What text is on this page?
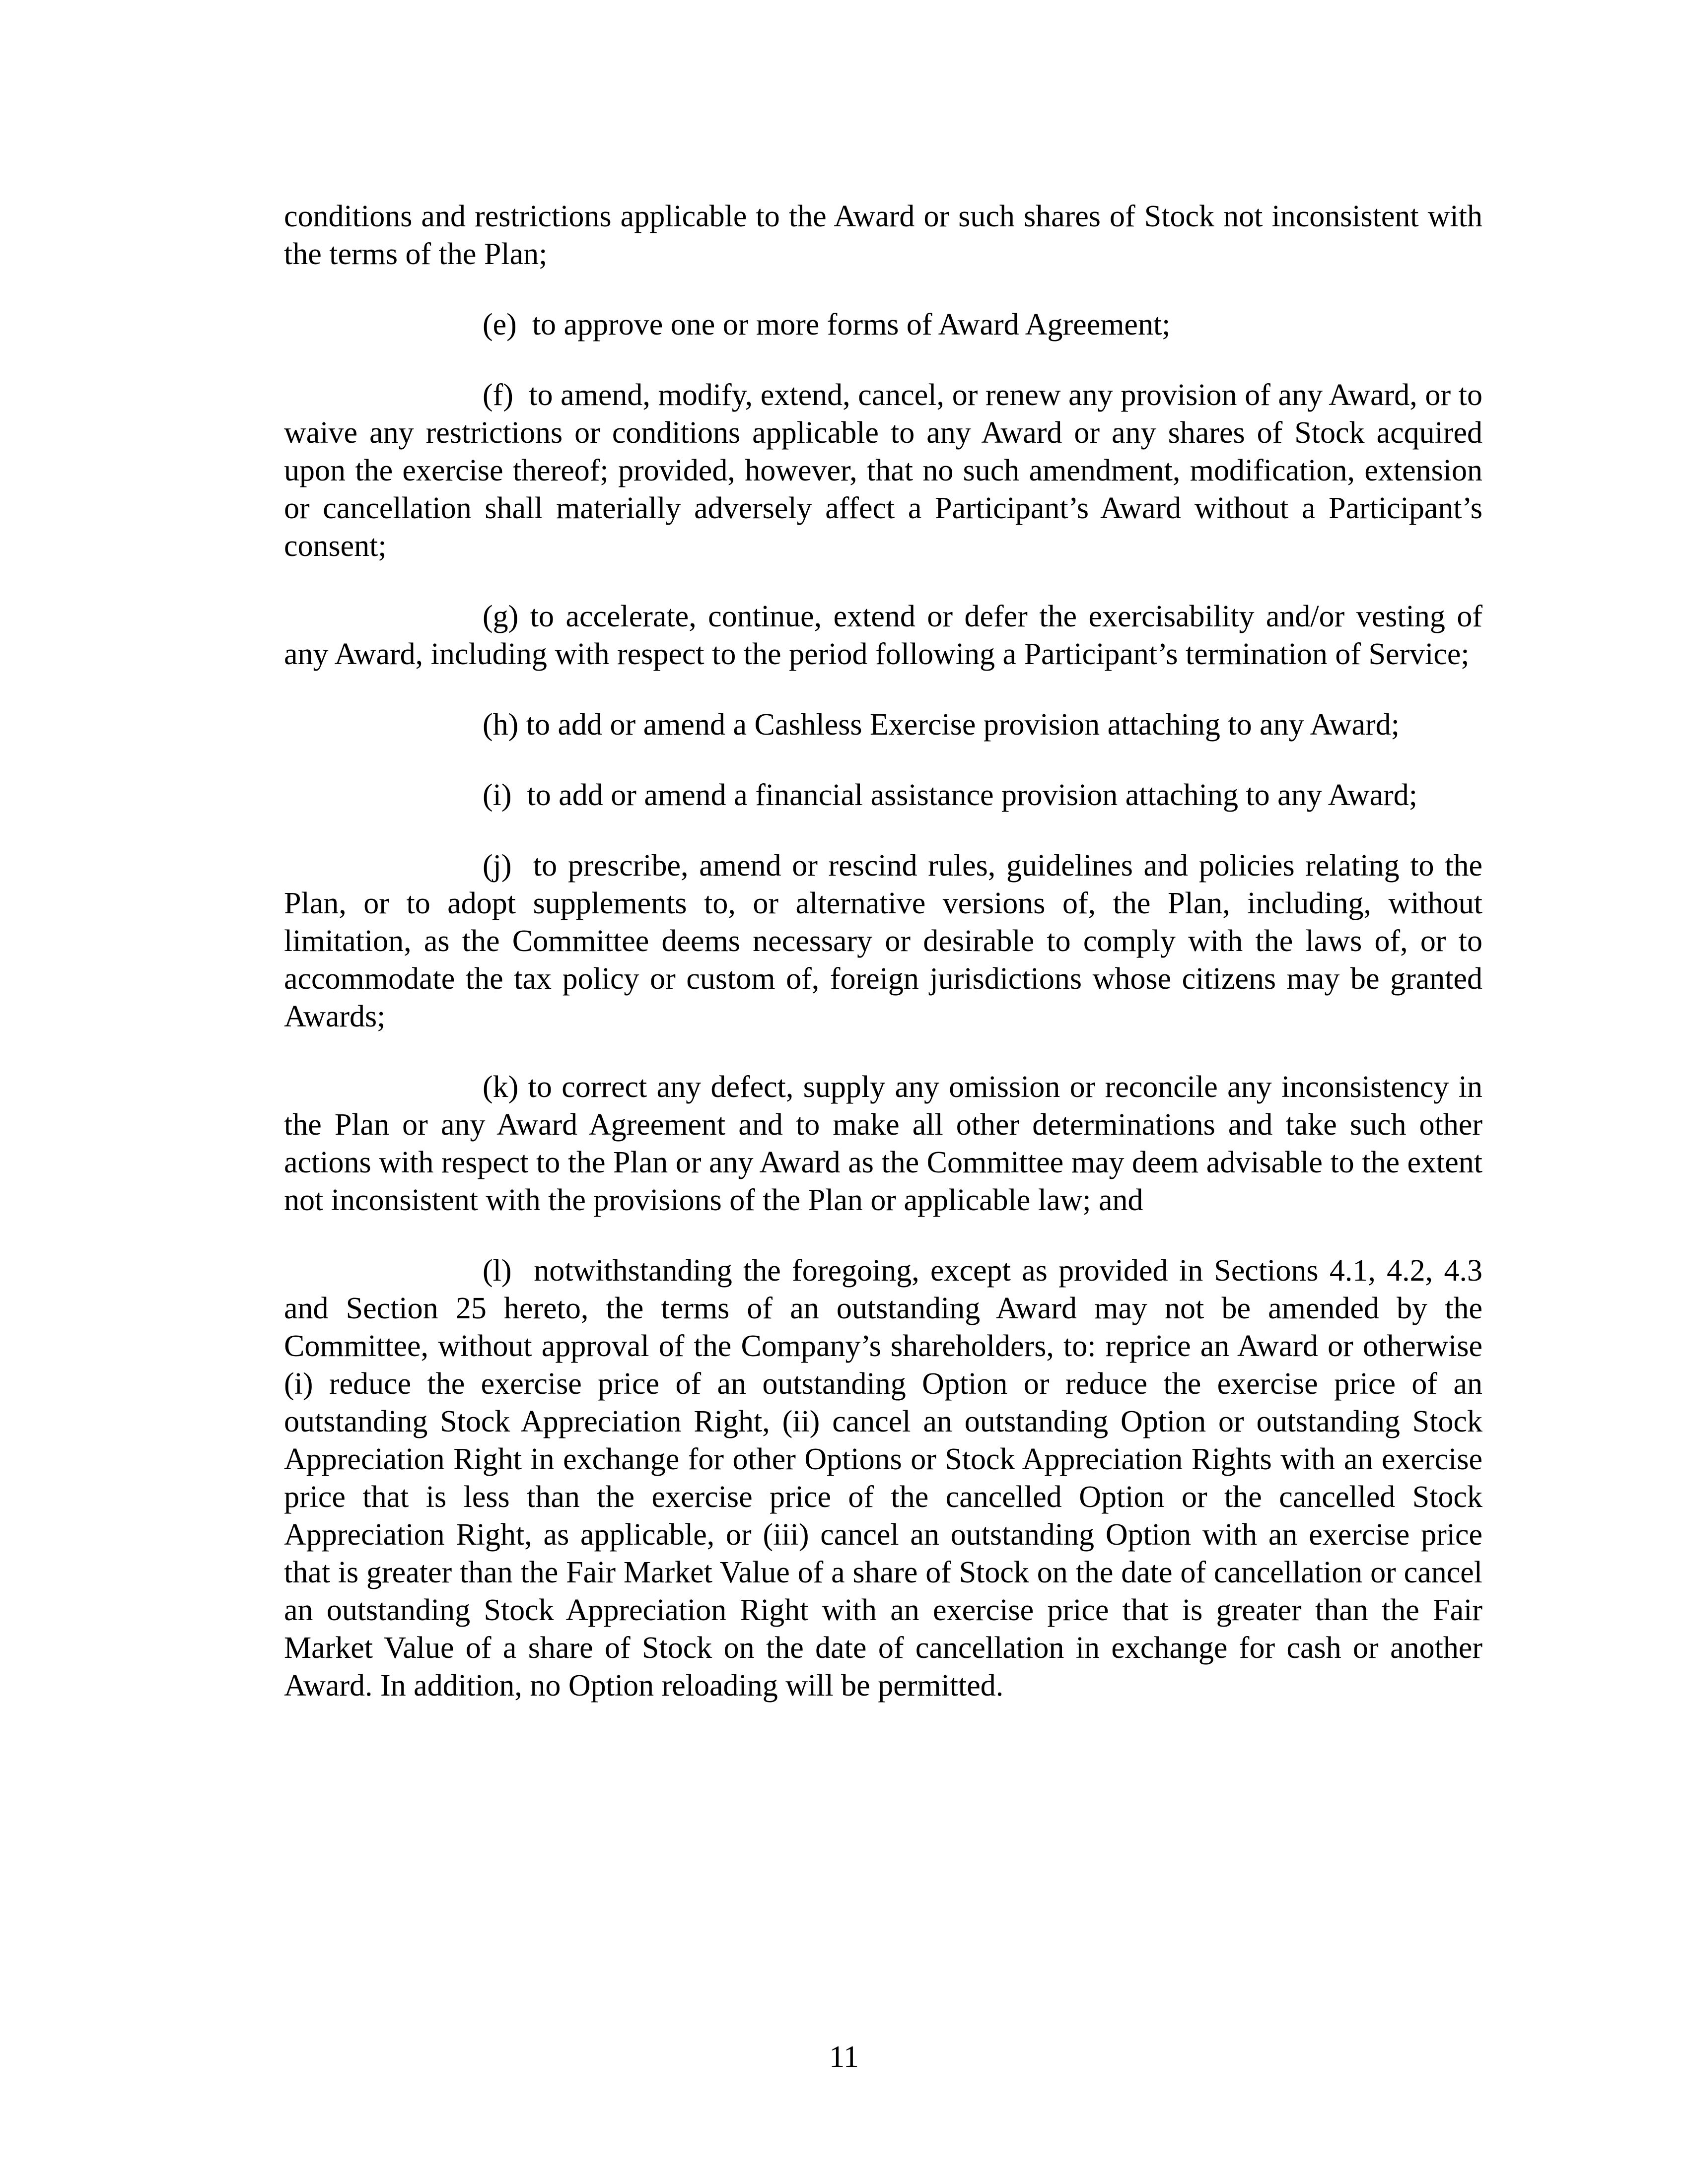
conditions and restrictions applicable to the Award or such shares of Stock not inconsistent with the terms of the Plan;

(e) to approve one or more forms of Award Agreement;

(f) to amend, modify, extend, cancel, or renew any provision of any Award, or to waive any restrictions or conditions applicable to any Award or any shares of Stock acquired upon the exercise thereof; provided, however, that no such amendment, modification, extension or cancellation shall materially adversely affect a Participant’s Award without a Participant’s consent;

(g) to accelerate, continue, extend or defer the exercisability and/or vesting of any Award, including with respect to the period following a Participant’s termination of Service;

(h) to add or amend a Cashless Exercise provision attaching to any Award;

(i) to add or amend a financial assistance provision attaching to any Award;

(j) to prescribe, amend or rescind rules, guidelines and policies relating to the Plan, or to adopt supplements to, or alternative versions of, the Plan, including, without limitation, as the Committee deems necessary or desirable to comply with the laws of, or to accommodate the tax policy or custom of, foreign jurisdictions whose citizens may be granted Awards;

(k) to correct any defect, supply any omission or reconcile any inconsistency in the Plan or any Award Agreement and to make all other determinations and take such other actions with respect to the Plan or any Award as the Committee may deem advisable to the extent not inconsistent with the provisions of the Plan or applicable law; and

(l) notwithstanding the foregoing, except as provided in Sections 4.1, 4.2, 4.3 and Section 25 hereto, the terms of an outstanding Award may not be amended by the Committee, without approval of the Company’s shareholders, to: reprice an Award or otherwise (i) reduce the exercise price of an outstanding Option or reduce the exercise price of an outstanding Stock Appreciation Right, (ii) cancel an outstanding Option or outstanding Stock Appreciation Right in exchange for other Options or Stock Appreciation Rights with an exercise price that is less than the exercise price of the cancelled Option or the cancelled Stock Appreciation Right, as applicable, or (iii) cancel an outstanding Option with an exercise price that is greater than the Fair Market Value of a share of Stock on the date of cancellation or cancel an outstanding Stock Appreciation Right with an exercise price that is greater than the Fair Market Value of a share of Stock on the date of cancellation in exchange for cash or another Award. In addition, no Option reloading will be permitted.

11
